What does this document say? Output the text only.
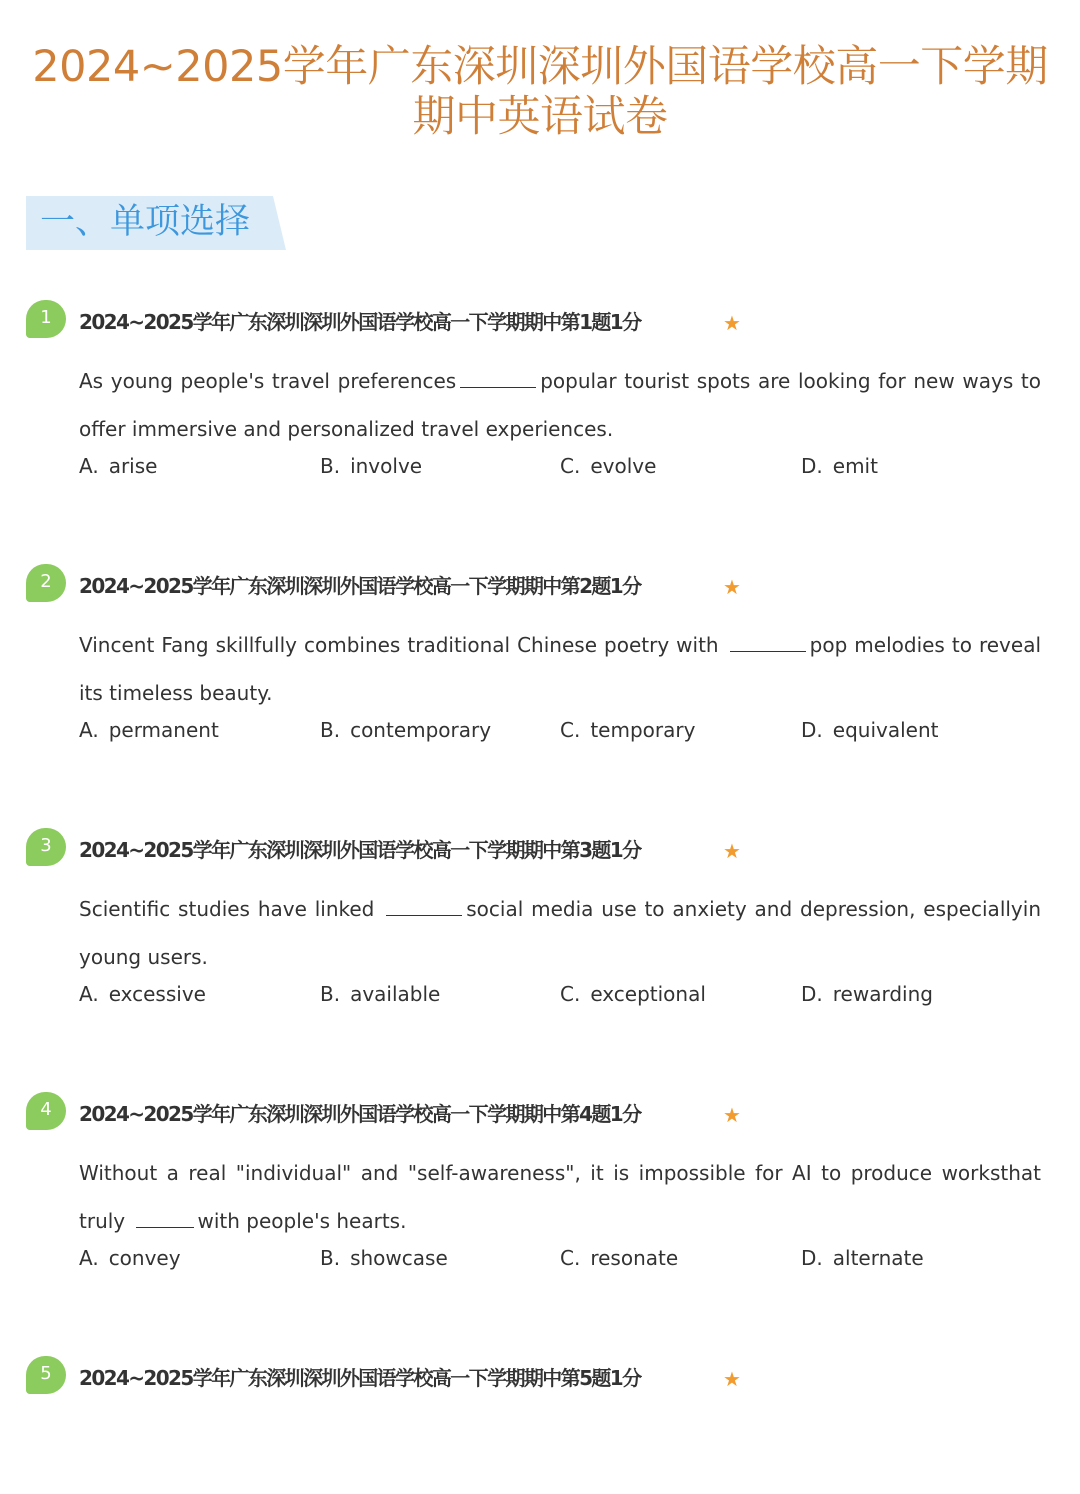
2024~2025学年广东深圳深圳外国语学校高一下学期
期中英语试卷
一、单项选择
1	2024~2025学年广东深圳深圳外国语学校高一下学期期中第1题1分	★
As young people's travel preferences	popular tourist spots are looking for new ways to offer immersive and personalized travel experiences.
A. arise	B. involve	C. evolve	D. emit
2	2024~2025学年广东深圳深圳外国语学校高一下学期期中第2题1分	★
Vincent Fang skillfully combines traditional Chinese poetry with	pop melodies to reveal its timeless beauty.
A. permanent	B. contemporary	C. temporary	D. equivalent
3	2024~2025学年广东深圳深圳外国语学校高一下学期期中第3题1分	★
Scientific studies have linked	social media use to anxiety and depression, especiallyin young users.
A. excessive	B. available	C. exceptional	D. rewarding
4	2024~2025学年广东深圳深圳外国语学校高一下学期期中第4题1分	★
Without a real "individual" and "self-awareness", it is impossible for AI to produce worksthat truly	with people's hearts.
A. convey	B. showcase	C. resonate	D. alternate
5	2024~2025学年广东深圳深圳外国语学校高一下学期期中第5题1分	★
